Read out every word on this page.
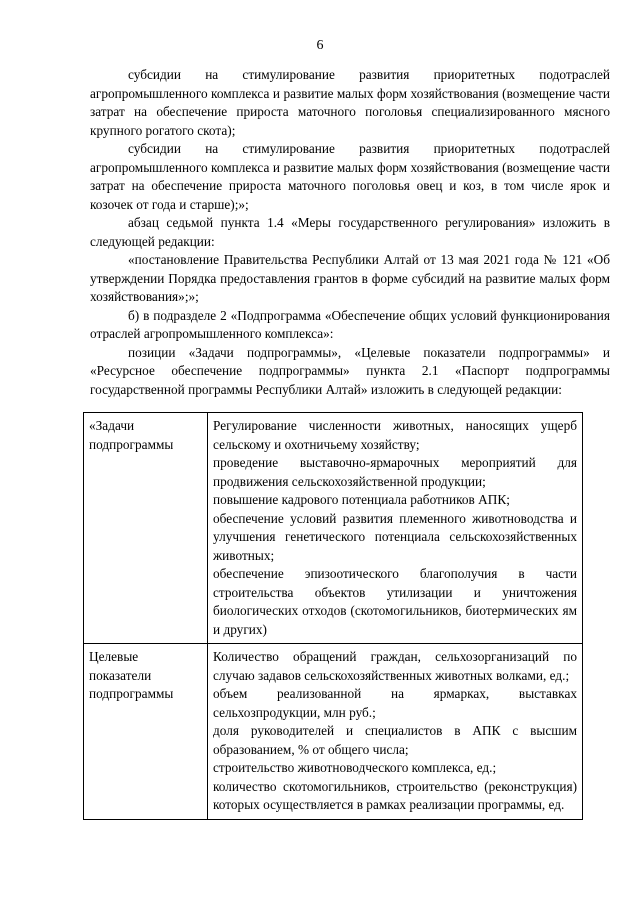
6

субсидии на стимулирование развития приоритетных подотраслей агропромышленного комплекса и развитие малых форм хозяйствования (возмещение части затрат на обеспечение прироста маточного поголовья специализированного мясного крупного рогатого скота);

субсидии на стимулирование развития приоритетных подотраслей агропромышленного комплекса и развитие малых форм хозяйствования (возмещение части затрат на обеспечение прироста маточного поголовья овец и коз, в том числе ярок и козочек от года и старше);»;

абзац седьмой пункта 1.4 «Меры государственного регулирования» изложить в следующей редакции:

«постановление Правительства Республики Алтай от 13 мая 2021 года № 121 «Об утверждении Порядка предоставления грантов в форме субсидий на развитие малых форм хозяйствования»;»;

б) в подразделе 2 «Подпрограмма «Обеспечение общих условий функционирования отраслей агропромышленного комплекса»:

позиции «Задачи подпрограммы», «Целевые показатели подпрограммы» и «Ресурсное обеспечение подпрограммы» пункта 2.1 «Паспорт подпрограммы государственной программы Республики Алтай» изложить в следующей редакции:

«Задачи подпрограммы	Регулирование численности животных, наносящих ущерб сельскому и охотничьему хозяйству;
проведение выставочно-ярмарочных мероприятий для продвижения сельскохозяйственной продукции;
повышение кадрового потенциала работников АПК;
обеспечение условий развития племенного животноводства и улучшения генетического потенциала сельскохозяйственных животных;
обеспечение эпизоотического благополучия в части строительства объектов утилизации и уничтожения биологических отходов (скотомогильников, биотермических ям и других)

Целевые показатели подпрограммы	Количество обращений граждан, сельхозорганизаций по случаю задавов сельскохозяйственных животных волками, ед.;
объем реализованной на ярмарках, выставках сельхозпродукции, млн руб.;
доля руководителей и специалистов в АПК с высшим образованием, % от общего числа;
строительство животноводческого комплекса, ед.;
количество скотомогильников, строительство (реконструкция) которых осуществляется в рамках реализации программы, ед.
